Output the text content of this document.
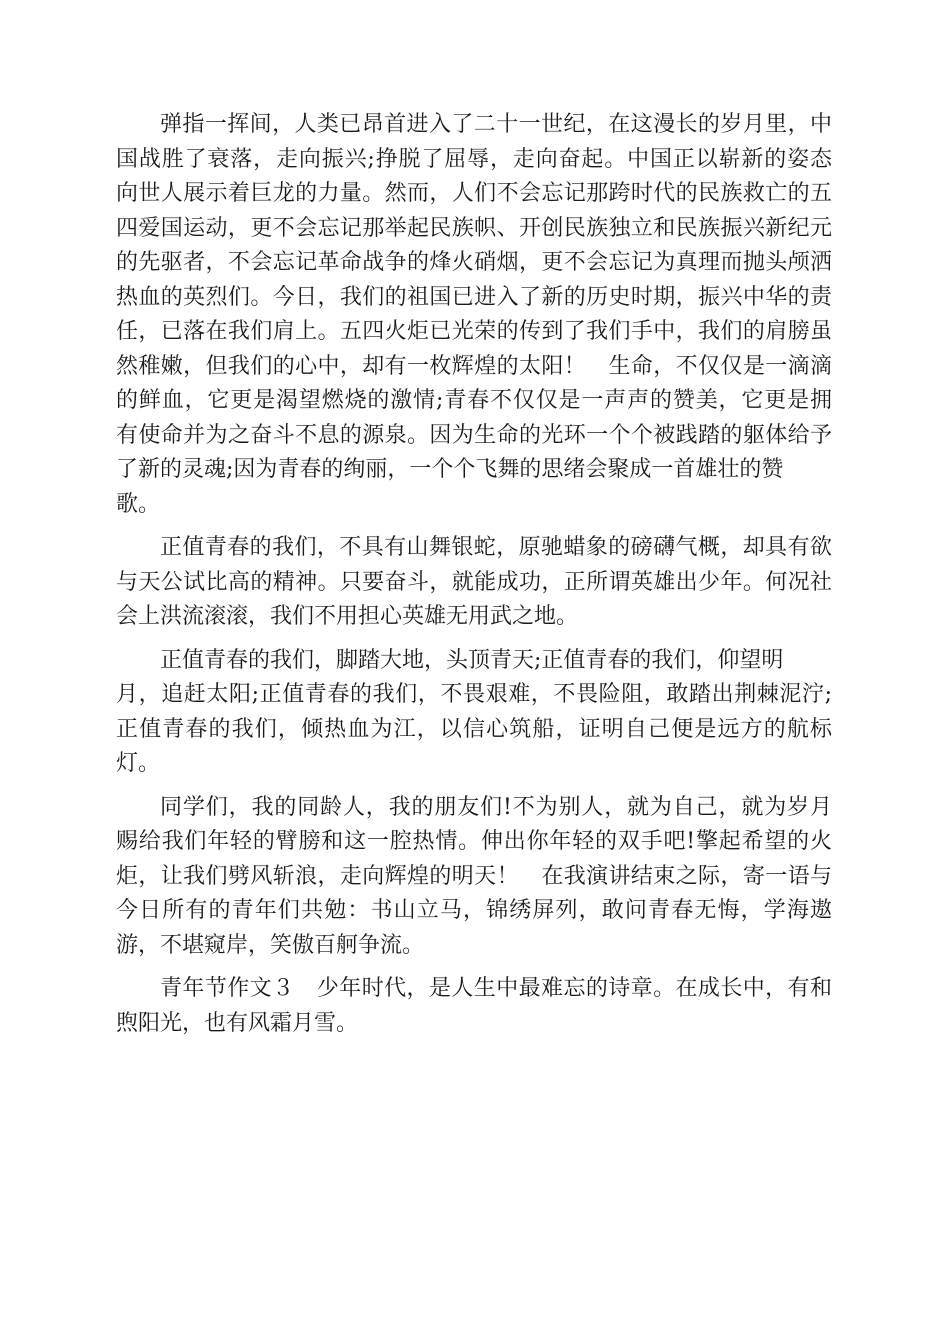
弹指一挥间，人类已昂首进入了二十一世纪，在这漫长的岁月里，中
国战胜了衰落，走向振兴;挣脱了屈辱，走向奋起。中国正以崭新的姿态
向世人展示着巨龙的力量。然而，人们不会忘记那跨时代的民族救亡的五
四爱国运动，更不会忘记那举起民族帜、开创民族独立和民族振兴新纪元
的先驱者，不会忘记革命战争的烽火硝烟，更不会忘记为真理而抛头颅洒
热血的英烈们。今日，我们的祖国已进入了新的历史时期，振兴中华的责
任，已落在我们肩上。五四火炬已光荣的传到了我们手中，我们的肩膀虽
然稚嫩，但我们的心中，却有一枚辉煌的太阳！　生命，不仅仅是一滴滴
的鲜血，它更是渴望燃烧的激情;青春不仅仅是一声声的赞美，它更是拥
有使命并为之奋斗不息的源泉。因为生命的光环一个个被践踏的躯体给予
了新的灵魂;因为青春的绚丽，一个个飞舞的思绪会聚成一首雄壮的赞
歌。
正值青春的我们，不具有山舞银蛇，原驰蜡象的磅礴气概，却具有欲
与天公试比高的精神。只要奋斗，就能成功，正所谓英雄出少年。何况社
会上洪流滚滚，我们不用担心英雄无用武之地。
正值青春的我们，脚踏大地，头顶青天;正值青春的我们，仰望明
月，追赶太阳;正值青春的我们，不畏艰难，不畏险阻，敢踏出荆棘泥泞;
正值青春的我们，倾热血为江，以信心筑船，证明自己便是远方的航标
灯。
同学们，我的同龄人，我的朋友们!不为别人，就为自己，就为岁月
赐给我们年轻的臂膀和这一腔热情。伸出你年轻的双手吧!擎起希望的火
炬，让我们劈风斩浪，走向辉煌的明天！　在我演讲结束之际，寄一语与
今日所有的青年们共勉：书山立马，锦绣屏列，敢问青春无悔，学海遨
游，不堪窥岸，笑傲百舸争流。
青年节作文３　少年时代，是人生中最难忘的诗章。在成长中，有和
煦阳光，也有风霜月雪。
